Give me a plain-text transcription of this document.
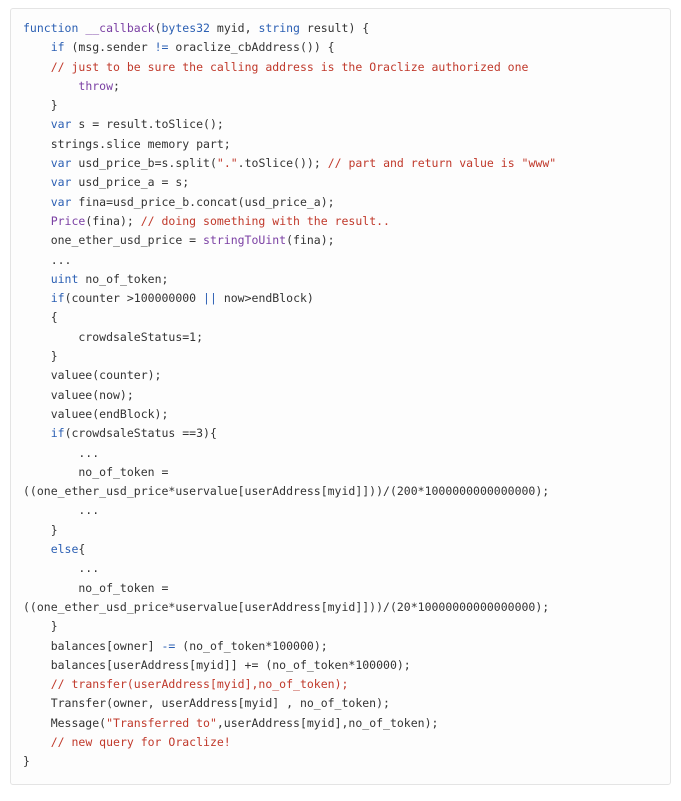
function __callback(bytes32 myid, string result) {
if (msg.sender != oraclize_cbAddress()) {
// just to be sure the calling address is the Oraclize authorized one
throw;
}
var s = result.toSlice();
strings.slice memory part;
var usd_price_b=s.split(".".toSlice()); // part and return value is "www"
var usd_price_a = s;
var fina=usd_price_b.concat(usd_price_a);
Price(fina); // doing something with the result..
one_ether_usd_price = stringToUint(fina);
...
uint no_of_token;
if(counter >100000000 || now>endBlock)
{
crowdsaleStatus=1;
}
valuee(counter);
valuee(now);
valuee(endBlock);
if(crowdsaleStatus ==3){
...
no_of_token =
((one_ether_usd_price*uservalue[userAddress[myid]]))/(200*1000000000000000);
...
}
else{
...
no_of_token =
((one_ether_usd_price*uservalue[userAddress[myid]]))/(20*10000000000000000);
}
balances[owner] -= (no_of_token*100000);
balances[userAddress[myid]] += (no_of_token*100000);
// transfer(userAddress[myid],no_of_token);
Transfer(owner, userAddress[myid] , no_of_token);
Message("Transferred to",userAddress[myid],no_of_token);
// new query for Oraclize!
}
